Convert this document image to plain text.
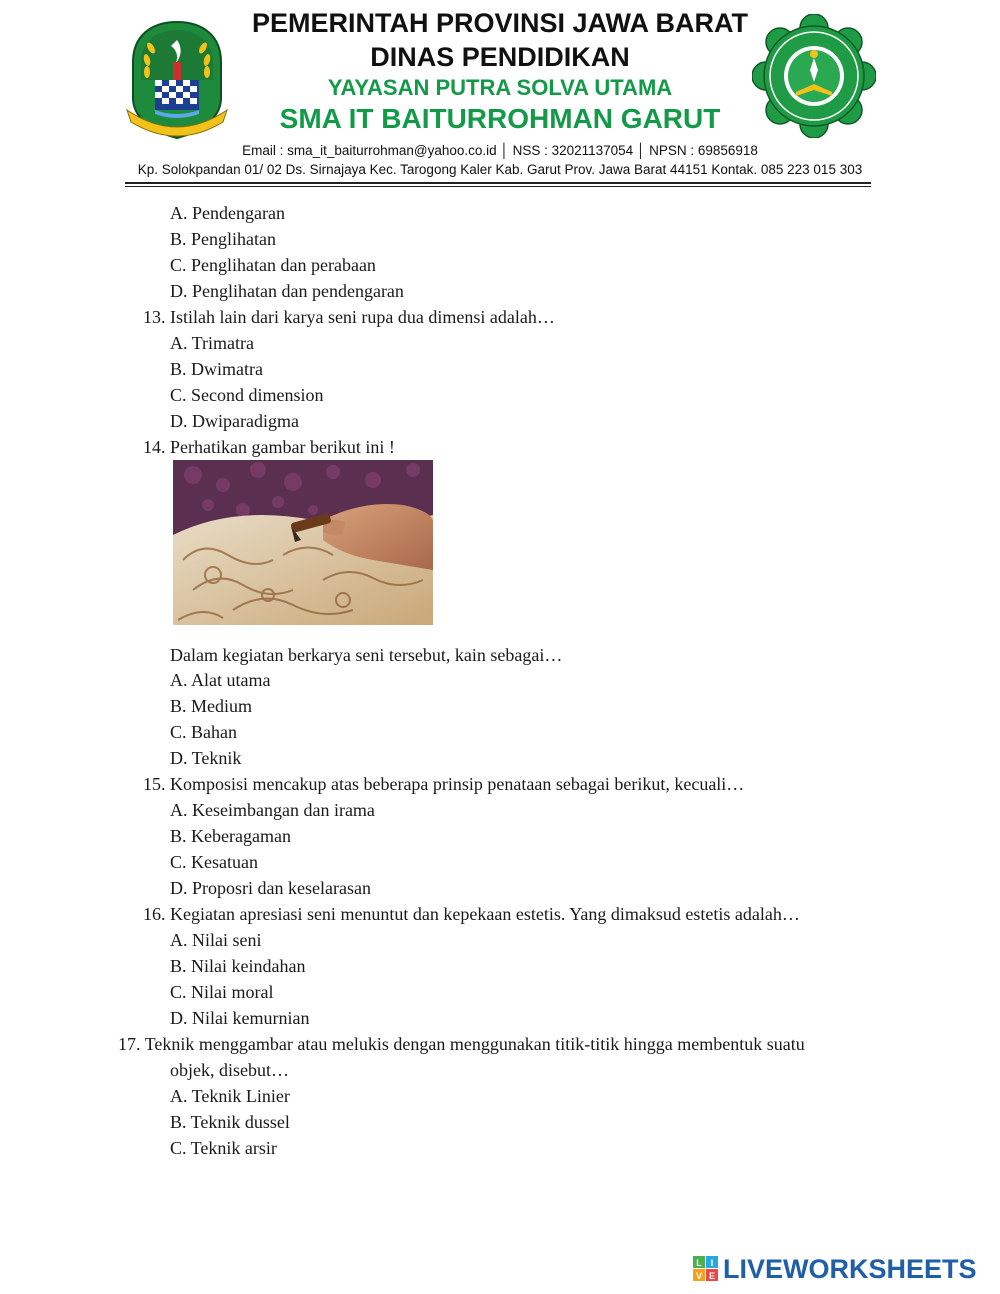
PEMERINTAH PROVINSI JAWA BARAT
DINAS PENDIDIKAN
YAYASAN PUTRA SOLVA UTAMA
SMA IT BAITURROHMAN GARUT
Email : sma_it_baiturrohman@yahoo.co.id │ NSS : 32021137054 │ NPSN : 69856918
Kp. Solokpandan 01/ 02 Ds. Sirnajaya Kec. Tarogong Kaler Kab. Garut Prov. Jawa Barat 44151 Kontak. 085 223 015 303
A. Pendengaran
B. Penglihatan
C. Penglihatan dan perabaan
D. Penglihatan dan pendengaran
13. Istilah lain dari karya seni rupa dua dimensi adalah…
A. Trimatra
B. Dwimatra
C. Second dimension
D. Dwiparadigma
14. Perhatikan gambar berikut ini !
Dalam kegiatan berkarya seni tersebut, kain sebagai…
A. Alat utama
B. Medium
C. Bahan
D. Teknik
15. Komposisi mencakup atas beberapa prinsip penataan sebagai berikut, kecuali…
A. Keseimbangan dan irama
B. Keberagaman
C. Kesatuan
D. Proposri dan keselarasan
16. Kegiatan apresiasi seni menuntut dan kepekaan estetis. Yang dimaksud estetis adalah…
A. Nilai seni
B. Nilai keindahan
C. Nilai moral
D. Nilai kemurnian
17. Teknik menggambar atau melukis dengan menggunakan titik-titik hingga membentuk suatu
objek, disebut…
A. Teknik Linier
B. Teknik dussel
C. Teknik arsir
L I
V E LIVEWORKSHEETS
